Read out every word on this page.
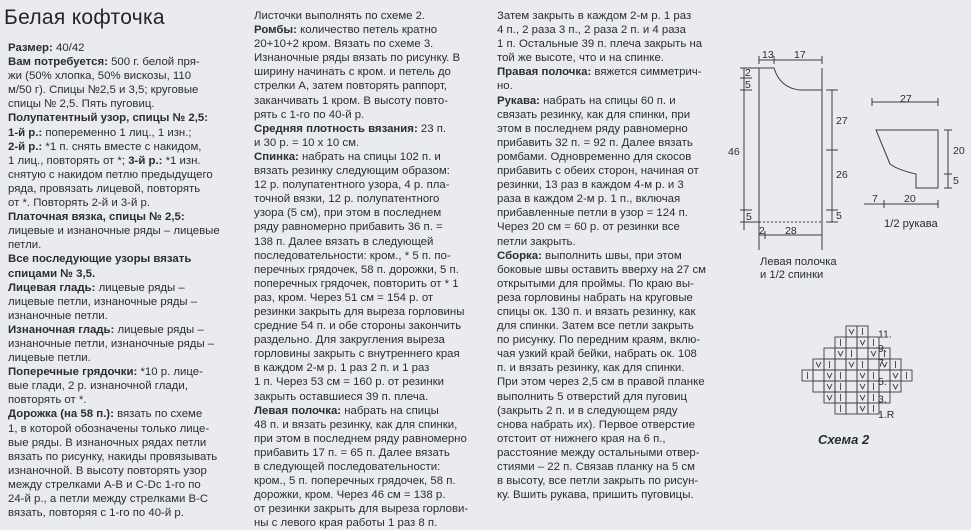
Белая кофточка
Размер: 40/42
Вам потребуется: 500 г. белой пря-
жи (50% хлопка, 50% вискозы, 110
м/50 г). Спицы №2,5 и 3,5; круговые
спицы № 2,5. Пять пуговиц.
Полупатентный узор, спицы № 2,5:
1-й р.: попеременно 1 лиц., 1 изн.;
2-й р.: *1 п. снять вместе с накидом,
1 лиц., повторять от *; 3-й р.: *1 изн.
снятую с накидом петлю предыдущего
ряда, провязать лицевой, повторять
от *. Повторять 2-й и 3-й р.
Платочная вязка, спицы № 2,5:
лицевые и изнаночные ряды – лицевые
петли.
Все последующие узоры вязать
спицами № 3,5.
Лицевая гладь: лицевые ряды –
лицевые петли, изнаночные ряды –
изнаночные петли.
Изнаночная гладь: лицевые ряды –
изнаночные петли, изнаночные ряды –
лицевые петли.
Поперечные грядочки: *10 р. лице-
вые глади, 2 р. изнаночной глади,
повторять от *.
Дорожка (на 58 п.): вязать по схеме
1, в которой обозначены только лице-
вые ряды. В изнаночных рядах петли
вязать по рисунку, накиды провязывать
изнаночной. В высоту повторять узор
между стрелками А-В и С-Dс 1-го по
24-й р., а петли между стрелками В-С
вязать, повторяя с 1-го по 40-й р.
Листочки выполнять по схеме 2.
Ромбы: количество петель кратно
20+10+2 кром. Вязать по схеме 3.
Изнаночные ряды вязать по рисунку. В
ширину начинать с кром. и петель до
стрелки А, затем повторять раппорт,
заканчивать 1 кром. В высоту повто-
рять с 1-го по 40-й р.
Средняя плотность вязания: 23 п.
и 30 р. = 10 х 10 см.
Спинка: набрать на спицы 102 п. и
вязать резинку следующим образом:
12 р. полупатентного узора, 4 р. пла-
точной вязки, 12 р. полупатентного
узора (5 см), при этом в последнем
ряду равномерно прибавить 36 п. =
138 п. Далее вязать в следующей
последовательности: кром., * 5 п. по-
перечных грядочек, 58 п. дорожки, 5 п.
поперечных грядочек, повторить от * 1
раз, кром. Через 51 см = 154 р. от
резинки закрыть для выреза горловины
средние 54 п. и обе стороны закончить
раздельно. Для закругления выреза
горловины закрыть с внутреннего края
в каждом 2-м р. 1 раз 2 п. и 1 раз
1 п. Через 53 см = 160 р. от резинки
закрыть оставшиеся 39 п. плеча.
Левая полочка: набрать на спицы
48 п. и вязать резинку, как для спинки,
при этом в последнем ряду равномерно
прибавить 17 п. = 65 п. Далее вязать
в следующей последовательности:
кром., 5 п. поперечных грядочек, 58 п.
дорожки, кром. Через 46 см = 138 р.
от резинки закрыть для выреза горлови-
ны с левого края работы 1 раз 8 п.
Затем закрыть в каждом 2-м р. 1 раз
4 п., 2 раза 3 п., 2 раза 2 п. и 4 раза
1 п. Остальные 39 п. плеча закрыть на
той же высоте, что и на спинке.
Правая полочка: вяжется симметрич-
но.
Рукава: набрать на спицы 60 п. и
связать резинку, как для спинки, при
этом в последнем ряду равномерно
прибавить 32 п. = 92 п. Далее вязать
ромбами. Одновременно для скосов
прибавить с обеих сторон, начиная от
резинки, 13 раз в каждом 4-м р. и 3
раза в каждом 2-м р. 1 п., включая
прибавленные петли в узор = 124 п.
Через 20 см = 60 р. от резинки все
петли закрыть.
Сборка: выполнить швы, при этом
боковые швы оставить вверху на 27 см
открытыми для проймы. По краю вы-
реза горловины набрать на круговые
спицы ок. 130 п. и вязать резинку, как
для спинки. Затем все петли закрыть
по рисунку. По передним краям, вклю-
чая узкий край бейки, набрать ок. 108
п. и вязать резинку, как для спинки.
При этом через 2,5 см в правой планке
выполнить 5 отверстий для пуговиц
(закрыть 2 п. и в следующем ряду
снова набрать их). Первое отверстие
отстоит от нижнего края на 6 п.,
расстояние между остальными отвер-
стиями – 22 п. Связав планку на 5 см
в высоту, все петли закрыть по рисун-
ку. Вшить рукава, пришить пуговицы.
13 17
2
5
46
5
27
26
5
2 28
Левая полочка
и 1/2 спинки
27
20
5
7 20
1/2 рукава
11.
9.
7.
5.
3.
1.R
Схема 2
